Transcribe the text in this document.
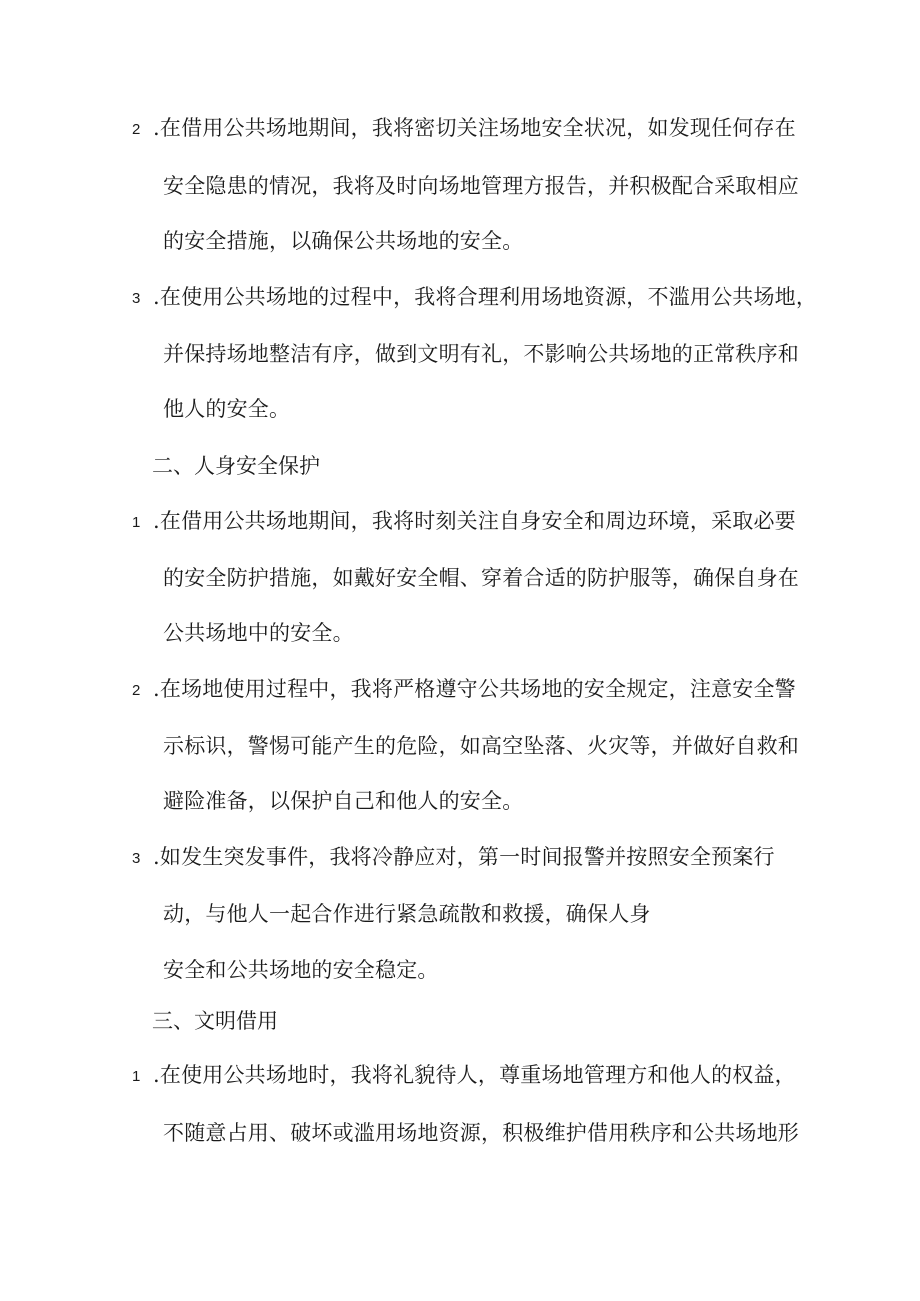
2 .在借用公共场地期间，我将密切关注场地安全状况，如发现任何存在
安全隐患的情况，我将及时向场地管理方报告，并积极配合采取相应
的安全措施，以确保公共场地的安全。
3 .在使用公共场地的过程中，我将合理利用场地资源，不滥用公共场地，
并保持场地整洁有序，做到文明有礼，不影响公共场地的正常秩序和
他人的安全。
二、人身安全保护
1 .在借用公共场地期间，我将时刻关注自身安全和周边环境，采取必要
的安全防护措施，如戴好安全帽、穿着合适的防护服等，确保自身在
公共场地中的安全。
2 .在场地使用过程中，我将严格遵守公共场地的安全规定，注意安全警
示标识，警惕可能产生的危险，如高空坠落、火灾等，并做好自救和
避险准备，以保护自己和他人的安全。
3 .如发生突发事件，我将冷静应对，第一时间报警并按照安全预案行
动，与他人一起合作进行紧急疏散和救援，确保人身
安全和公共场地的安全稳定。
三、文明借用
1 .在使用公共场地时，我将礼貌待人，尊重场地管理方和他人的权益，
不随意占用、破坏或滥用场地资源，积极维护借用秩序和公共场地形
